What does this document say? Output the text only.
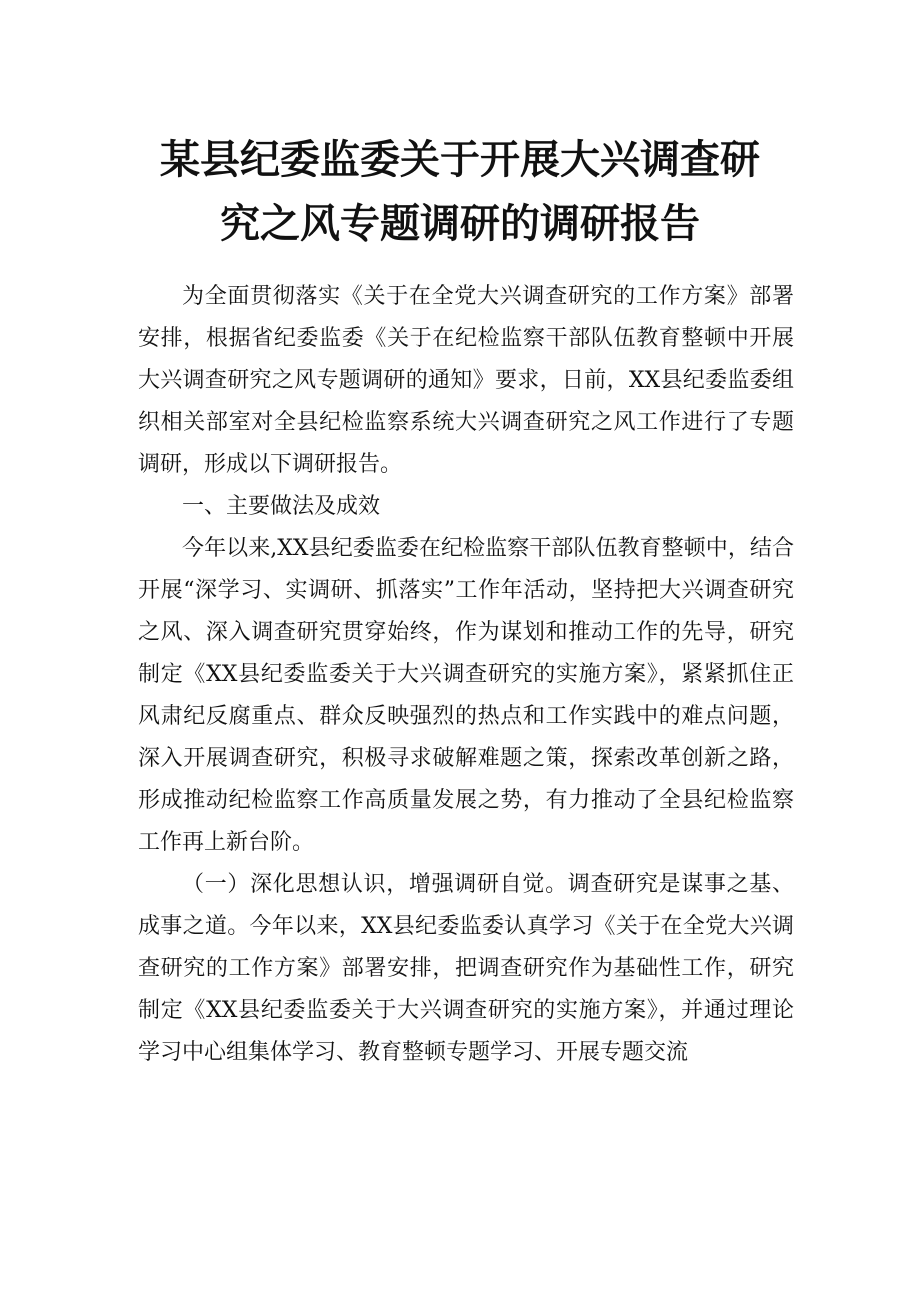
某县纪委监委关于开展大兴调查研
究之风专题调研的调研报告

为全面贯彻落实《关于在全党大兴调查研究的工作方案》部署安排，根据省纪委监委《关于在纪检监察干部队伍教育整顿中开展大兴调查研究之风专题调研的通知》要求，日前，XX县纪委监委组织相关部室对全县纪检监察系统大兴调查研究之风工作进行了专题调研，形成以下调研报告。

一、主要做法及成效

今年以来,XX县纪委监委在纪检监察干部队伍教育整顿中，结合开展“深学习、实调研、抓落实”工作年活动，坚持把大兴调查研究之风、深入调查研究贯穿始终，作为谋划和推动工作的先导，研究制定《XX县纪委监委关于大兴调查研究的实施方案》，紧紧抓住正风肃纪反腐重点、群众反映强烈的热点和工作实践中的难点问题，深入开展调查研究，积极寻求破解难题之策，探索改革创新之路，形成推动纪检监察工作高质量发展之势，有力推动了全县纪检监察工作再上新台阶。

（一）深化思想认识，增强调研自觉。调查研究是谋事之基、成事之道。今年以来，XX县纪委监委认真学习《关于在全党大兴调查研究的工作方案》部署安排，把调查研究作为基础性工作，研究制定《XX县纪委监委关于大兴调查研究的实施方案》，并通过理论学习中心组集体学习、教育整顿专题学习、开展专题交流
